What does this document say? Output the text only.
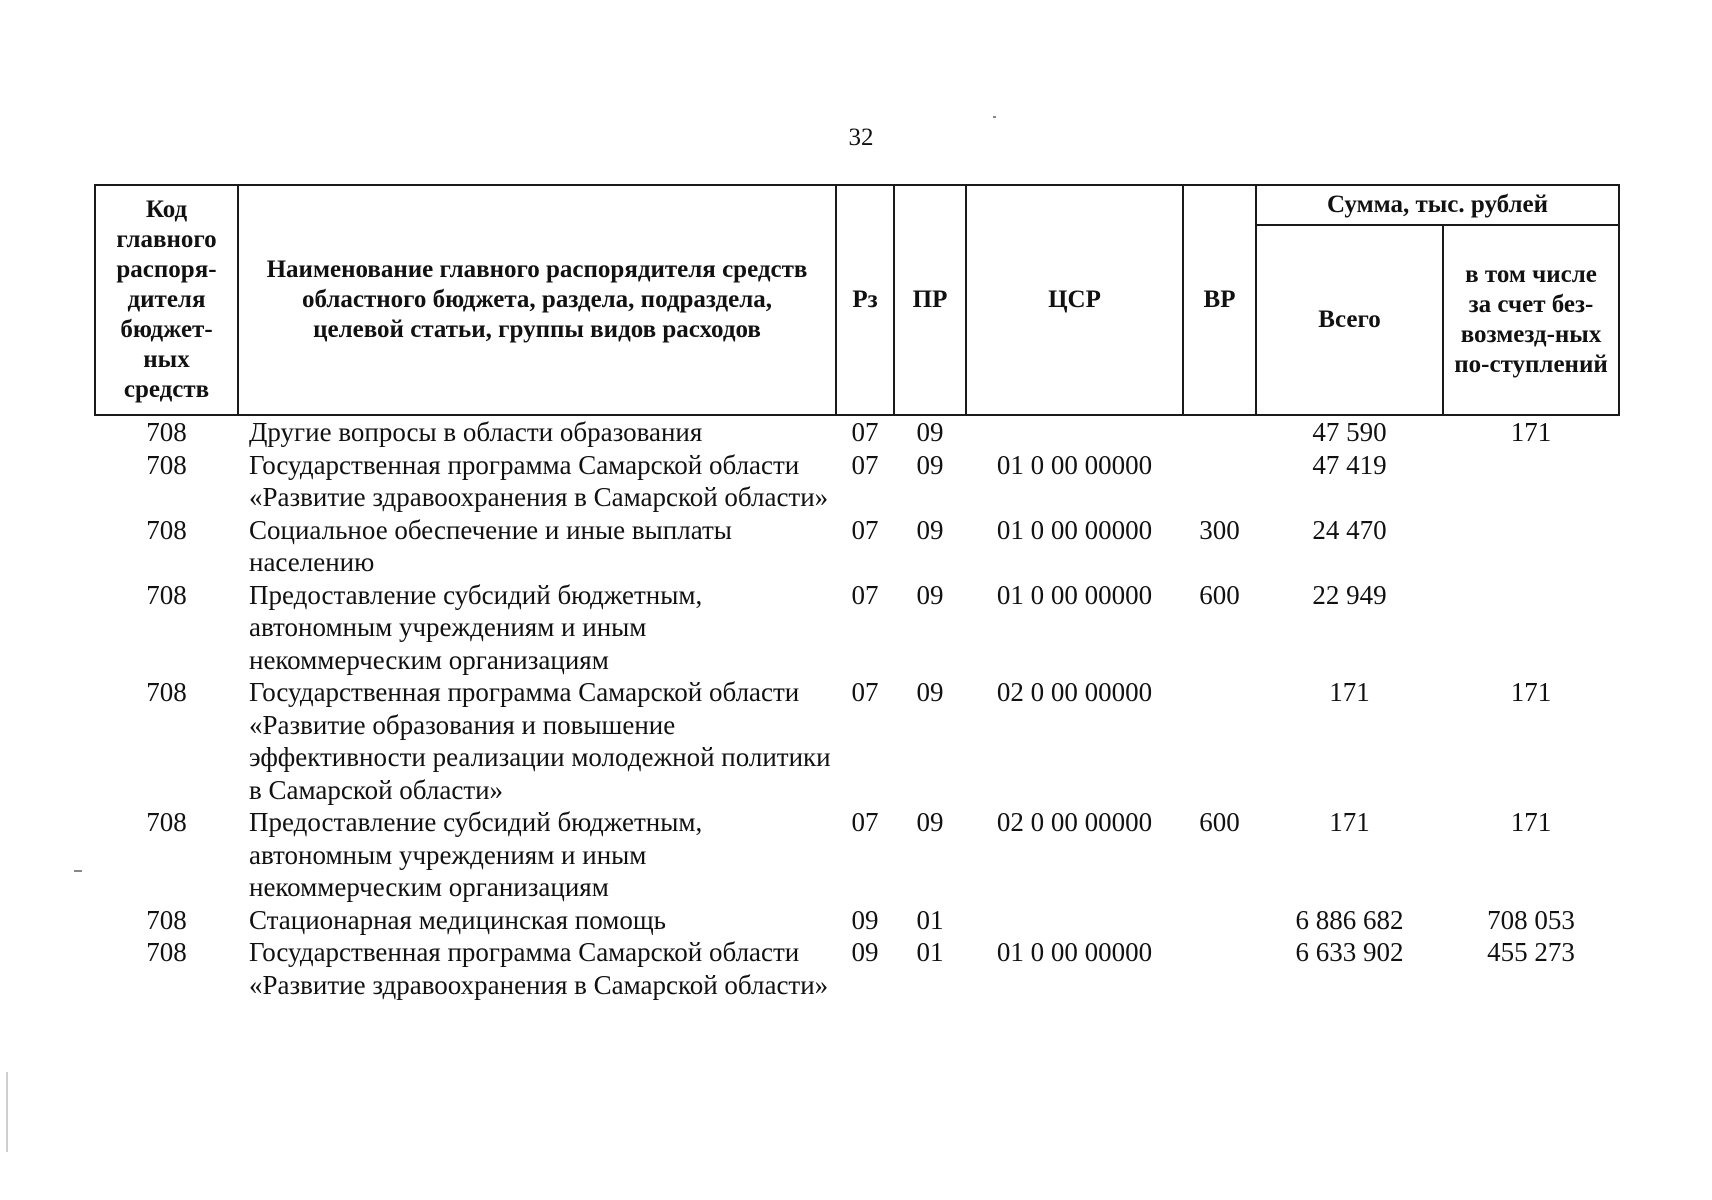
32
Код главного распоря-дителя бюджет-ных средств	Наименование главного распорядителя средств областного бюджета, раздела, подраздела, целевой статьи, группы видов расходов	Рз	ПР	ЦСР	ВР	Сумма, тыс. рублей	
						Всего	в том числе за счет без-возмезд-ных по-ступлений
708	Другие вопросы в области образования	07	09			47 590	171
708	Государственная программа Самарской области «Развитие здравоохранения в Самарской области»	07	09	01 0 00 00000		47 419	
708	Социальное обеспечение и иные выплаты населению	07	09	01 0 00 00000	300	24 470	
708	Предоставление субсидий бюджетным, автономным учреждениям и иным некоммерческим организациям	07	09	01 0 00 00000	600	22 949	
708	Государственная программа Самарской области «Развитие образования и повышение эффективности реализации молодежной политики в Самарской области»	07	09	02 0 00 00000		171	171
708	Предоставление субсидий бюджетным, автономным учреждениям и иным некоммерческим организациям	07	09	02 0 00 00000	600	171	171
708	Стационарная медицинская помощь	09	01			6 886 682	708 053
708	Государственная программа Самарской области «Развитие здравоохранения в Самарской области»	09	01	01 0 00 00000		6 633 902	455 273
